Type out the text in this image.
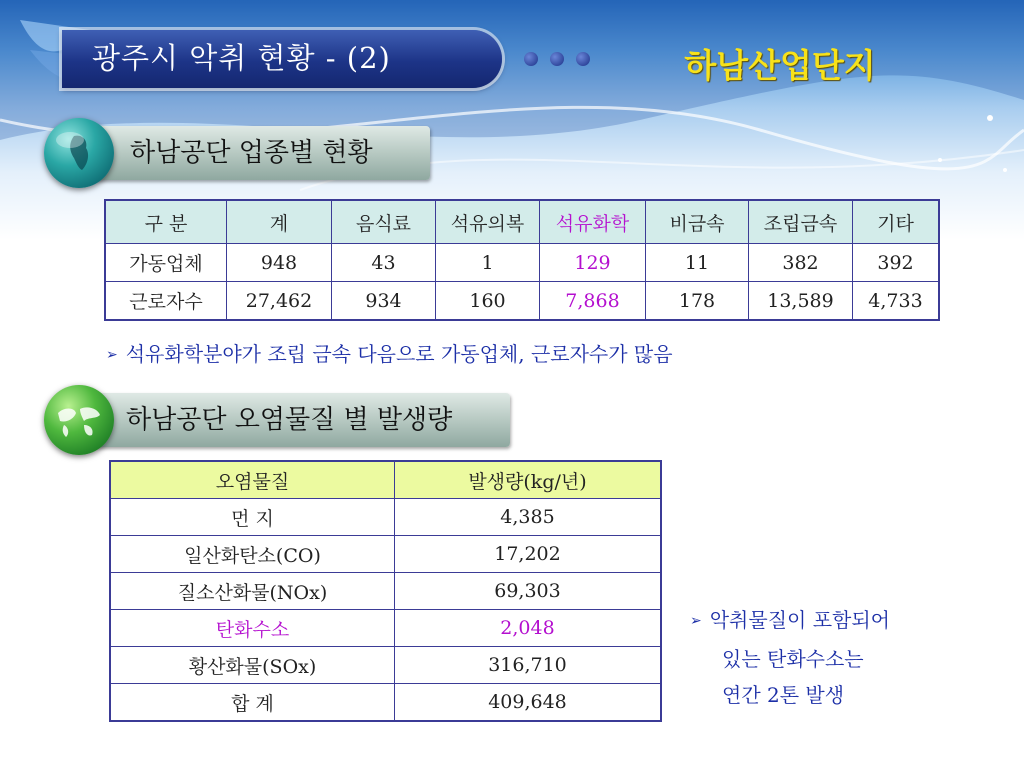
광주시 악취 현황 - (2)	하남산업단지
하남공단 업종별 현황
구 분	계	음식료	석유의복	석유화학	비금속	조립금속	기타
가동업체	948	43	1	129	11	382	392
근로자수	27,462	934	160	7,868	178	13,589	4,733
➢ 석유화학분야가 조립 금속 다음으로 가동업체, 근로자수가 많음
하남공단 오염물질 별 발생량
오염물질	발생량(kg/년)
먼 지	4,385
일산화탄소(CO)	17,202
질소산화물(NOx)	69,303
탄화수소	2,048
황산화물(SOx)	316,710
합 계	409,648
➢ 악취물질이 포함되어
있는 탄화수소는
연간 2톤 발생
